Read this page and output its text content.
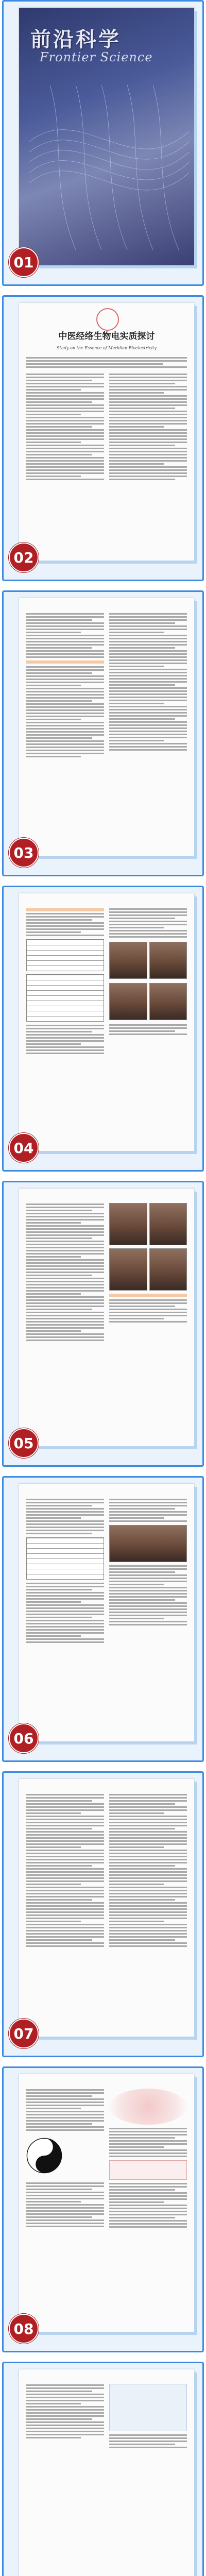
前沿科学
Frontier Science
01
中医经络生物电实质探讨
Study on the Essence of Meridian Bioelectricity
02
03
04
05
06
07
08
